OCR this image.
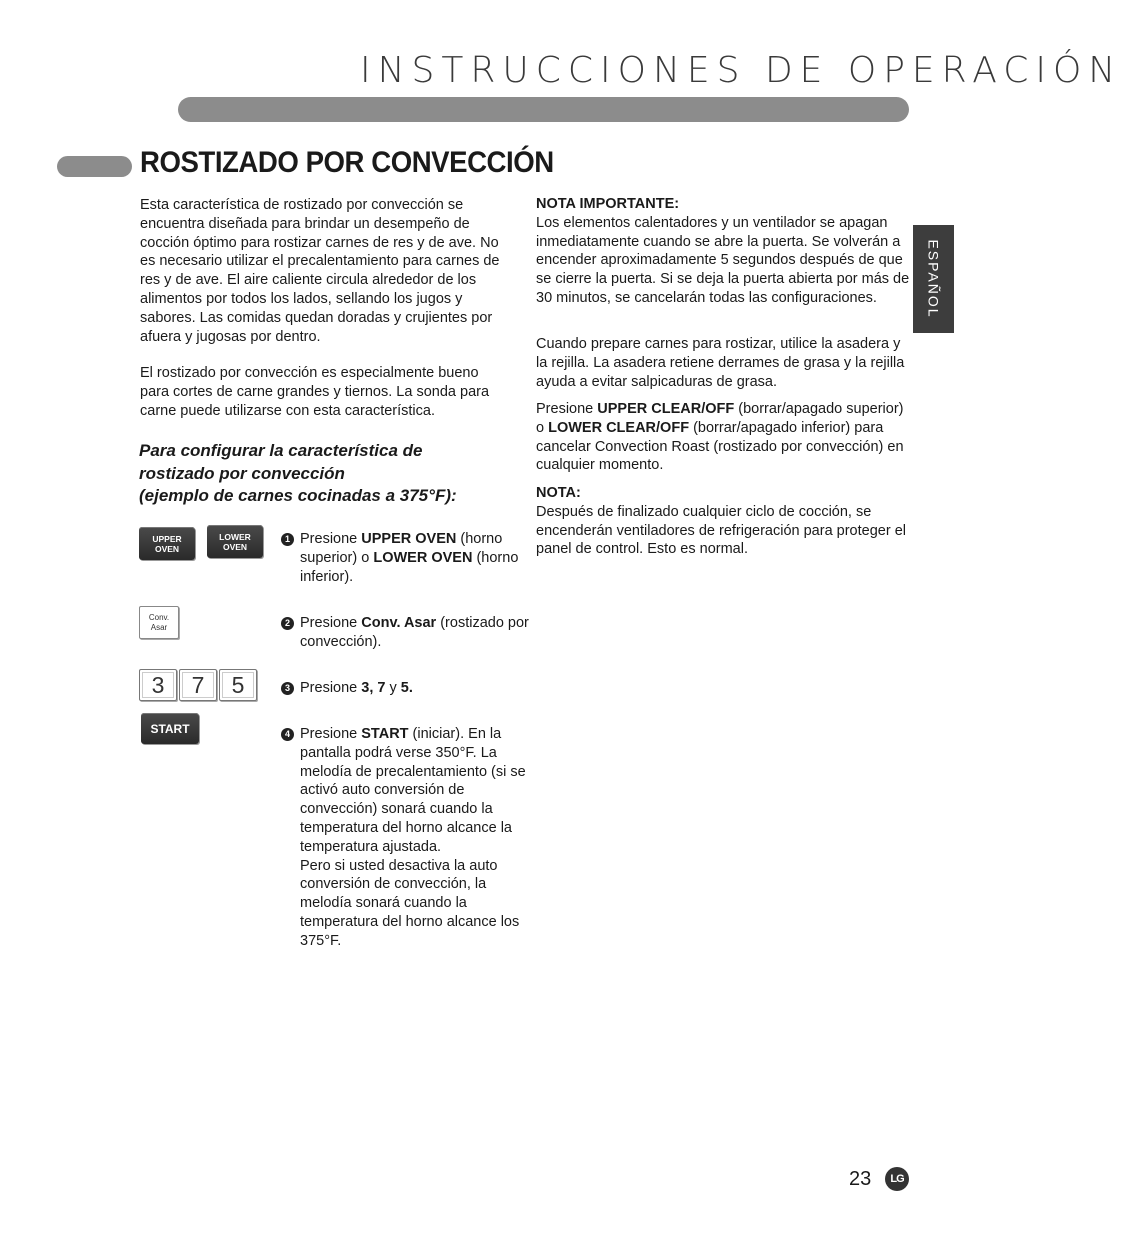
INSTRUCCIONES DE OPERACIÓN
ROSTIZADO POR CONVECCIÓN
ESPAÑOL
Esta característica de rostizado por convección se encuentra diseñada para brindar un desempeño de cocción óptimo para rostizar carnes de res y de ave. No es necesario utilizar el precalentamiento para carnes de res y de ave. El aire caliente circula alrededor de los alimentos por todos los lados, sellando los jugos y sabores. Las comidas quedan doradas y crujientes por afuera y jugosas por dentro.
El rostizado por convección es especialmente bueno para cortes de carne grandes y tiernos. La sonda para carne puede utilizarse con esta característica.
Para configurar la característica de
rostizado por convección
(ejemplo de carnes cocinadas a 375°F):
UPPER
OVEN
LOWER
OVEN
Conv.
Asar
3	7	5
START
1 Presione UPPER OVEN (horno superior) o LOWER OVEN (horno inferior).
2 Presione Conv. Asar (rostizado por convección).
3 Presione 3, 7 y 5.
4 Presione START (iniciar). En la pantalla podrá verse 350°F. La melodía de precalentamiento (si se activó auto conversión de convección) sonará cuando la temperatura del horno alcance la temperatura ajustada.
Pero si usted desactiva la auto conversión de convección, la melodía sonará cuando la temperatura del horno alcance los 375°F.
NOTA IMPORTANTE:
Los elementos calentadores y un ventilador se apagan inmediatamente cuando se abre la puerta. Se volverán a encender aproximadamente 5 segundos después de que se cierre la puerta. Si se deja la puerta abierta por más de 30 minutos, se cancelarán todas las configuraciones.
Cuando prepare carnes para rostizar, utilice la asadera y la rejilla. La asadera retiene derrames de grasa y la rejilla ayuda a evitar salpicaduras de grasa.
Presione UPPER CLEAR/OFF (borrar/apagado superior) o LOWER CLEAR/OFF (borrar/apagado inferior) para cancelar Convection Roast (rostizado por convección) en cualquier momento.
NOTA:
Después de finalizado cualquier ciclo de cocción, se encenderán ventiladores de refrigeración para proteger el panel de control. Esto es normal.
23	LG
